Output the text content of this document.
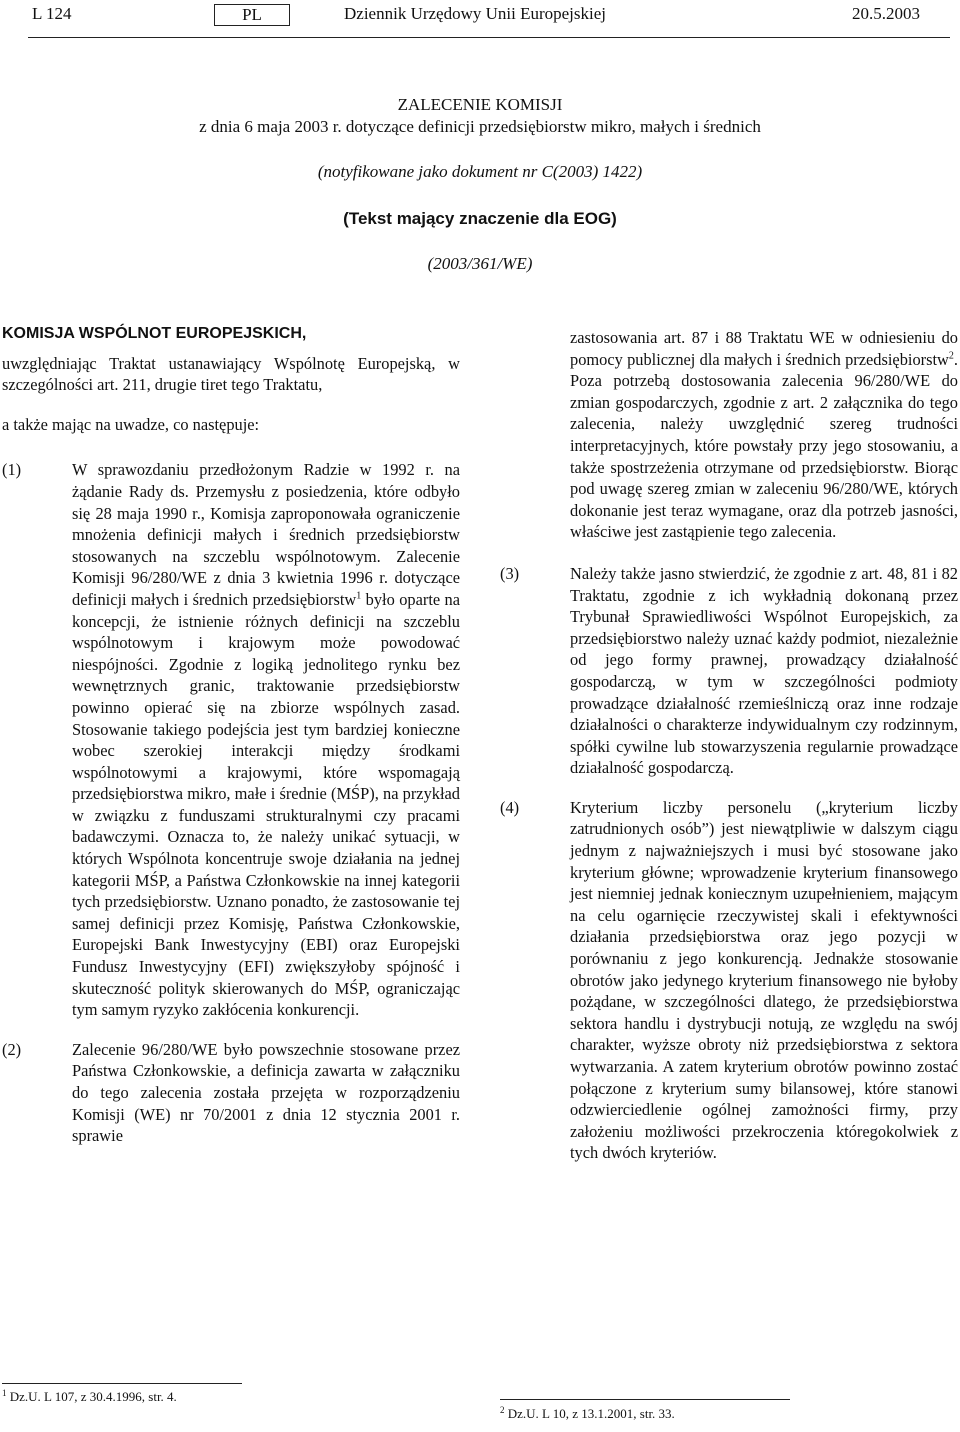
L 124	PL	Dziennik Urzędowy Unii Europejskiej	20.5.2003
ZALECENIE KOMISJI
z dnia 6 maja 2003 r. dotyczące definicji przedsiębiorstw mikro, małych i średnich
(notyfikowane jako dokument nr C(2003) 1422)
(Tekst mający znaczenie dla EOG)
(2003/361/WE)
KOMISJA WSPÓLNOT EUROPEJSKICH,

uwzględniając Traktat ustanawiający Wspólnotę Europejską, w szczególności art. 211, drugie tiret tego Traktatu,

a także mając na uwadze, co następuje:

(1)	W sprawozdaniu przedłożonym Radzie w 1992 r. na żądanie Rady ds. Przemysłu z posiedzenia, które odbyło się 28 maja 1990 r., Komisja zaproponowała ograniczenie mnożenia definicji małych i średnich przedsiębiorstw stosowanych na szczeblu wspólnotowym. Zalecenie Komisji 96/280/WE z dnia 3 kwietnia 1996 r. dotyczące definicji małych i średnich przedsiębiorstw$^1$ było oparte na koncepcji, że istnienie różnych definicji na szczeblu wspólnotowym i krajowym może powodować niespójności. Zgodnie z logiką jednolitego rynku bez wewnętrznych granic, traktowanie przedsiębiorstw powinno opierać się na zbiorze wspólnych zasad. Stosowanie takiego podejścia jest tym bardziej konieczne wobec szerokiej interakcji między środkami wspólnotowymi a krajowymi, które wspomagają przedsiębiorstwa mikro, małe i średnie (MŚP), na przykład w związku z funduszami strukturalnymi czy pracami badawczymi. Oznacza to, że należy unikać sytuacji, w których Wspólnota koncentruje swoje działania na jednej kategorii MŚP, a Państwa Członkowskie na innej kategorii tych przedsiębiorstw. Uznano ponadto, że zastosowanie tej samej definicji przez Komisję, Państwa Członkowskie, Europejski Bank Inwestycyjny (EBI) oraz Europejski Fundusz Inwestycyjny (EFI) zwiększyłoby spójność i skuteczność polityk skierowanych do MŚP, ograniczając tym samym ryzyko zakłócenia konkurencji.
(2)	Zalecenie 96/280/WE było powszechnie stosowane przez Państwa Członkowskie, a definicja zawarta w załączniku do tego zalecenia została przejęta w rozporządzeniu Komisji (WE) nr 70/2001 z dnia 12 stycznia 2001 r. sprawie
zastosowania art. 87 i 88 Traktatu WE w odniesieniu do pomocy publicznej dla małych i średnich przedsiębiorstw$^2$. Poza potrzebą dostosowania zalecenia 96/280/WE do zmian gospodarczych, zgodnie z art. 2 załącznika do tego zalecenia, należy uwzględnić szereg trudności interpretacyjnych, które powstały przy jego stosowaniu, a także spostrzeżenia otrzymane od przedsiębiorstw. Biorąc pod uwagę szereg zmian w zaleceniu 96/280/WE, których dokonanie jest teraz wymagane, oraz dla potrzeb jasności, właściwe jest zastąpienie tego zalecenia.
(3)	Należy także jasno stwierdzić, że zgodnie z art. 48, 81 i 82 Traktatu, zgodnie z ich wykładnią dokonaną przez Trybunał Sprawiedliwości Wspólnot Europejskich, za przedsiębiorstwo należy uznać każdy podmiot, niezależnie od jego formy prawnej, prowadzący działalność gospodarczą, w tym w szczególności podmioty prowadzące działalność rzemieślniczą oraz inne rodzaje działalności o charakterze indywidualnym czy rodzinnym, spółki cywilne lub stowarzyszenia regularnie prowadzące działalność gospodarczą.
(4)	Kryterium liczby personelu („kryterium liczby zatrudnionych osób”) jest niewątpliwie w dalszym ciągu jednym z najważniejszych i musi być stosowane jako kryterium główne; wprowadzenie kryterium finansowego jest niemniej jednak koniecznym uzupełnieniem, mającym na celu ogarnięcie rzeczywistej skali i efektywności działania przedsiębiorstwa oraz jego pozycji w porównaniu z jego konkurencją. Jednakże stosowanie obrotów jako jedynego kryterium finansowego nie byłoby pożądane, w szczególności dlatego, że przedsiębiorstwa sektora handlu i dystrybucji notują, ze względu na swój charakter, wyższe obroty niż przedsiębiorstwa z sektora wytwarzania. A zatem kryterium obrotów powinno zostać połączone z kryterium sumy bilansowej, które stanowi odzwierciedlenie ogólnej zamożności firmy, przy założeniu możliwości przekroczenia któregokolwiek z tych dwóch kryteriów.
$^1$ Dz.U. L 107, z 30.4.1996, str. 4.
$^2$ Dz.U. L 10, z 13.1.2001, str. 33.
